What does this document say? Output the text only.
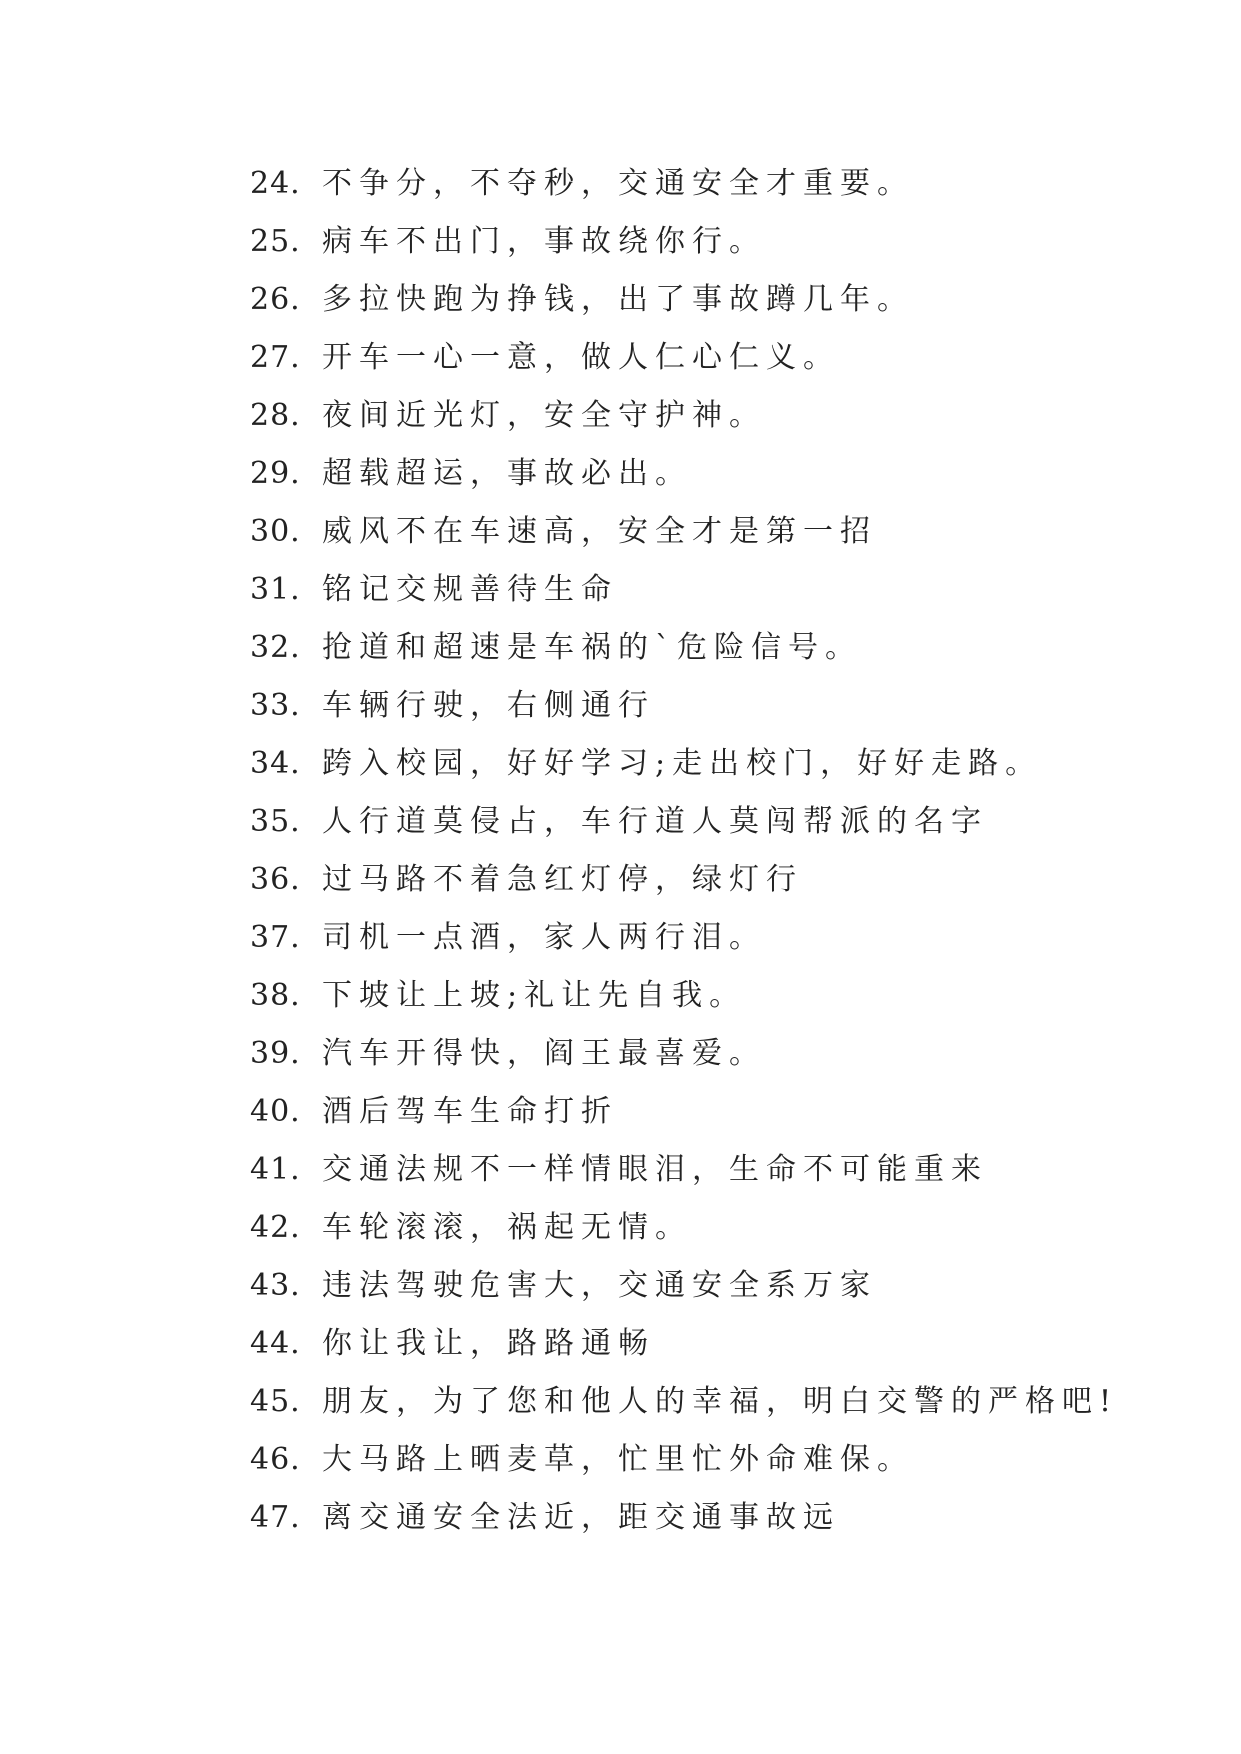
24. 不争分，不夺秒，交通安全才重要。
25. 病车不出门，事故绕你行。
26. 多拉快跑为挣钱，出了事故蹲几年。
27. 开车一心一意，做人仁心仁义。
28. 夜间近光灯，安全守护神。
29. 超载超运，事故必出。
30. 威风不在车速高，安全才是第一招
31. 铭记交规善待生命
32. 抢道和超速是车祸的`危险信号。
33. 车辆行驶，右侧通行
34. 跨入校园，好好学习;走出校门，好好走路。
35. 人行道莫侵占，车行道人莫闯帮派的名字
36. 过马路不着急红灯停，绿灯行
37. 司机一点酒，家人两行泪。
38. 下坡让上坡;礼让先自我。
39. 汽车开得快，阎王最喜爱。
40. 酒后驾车生命打折
41. 交通法规不一样情眼泪，生命不可能重来
42. 车轮滚滚，祸起无情。
43. 违法驾驶危害大，交通安全系万家
44. 你让我让，路路通畅
45. 朋友，为了您和他人的幸福，明白交警的严格吧!
46. 大马路上晒麦草，忙里忙外命难保。
47. 离交通安全法近，距交通事故远
